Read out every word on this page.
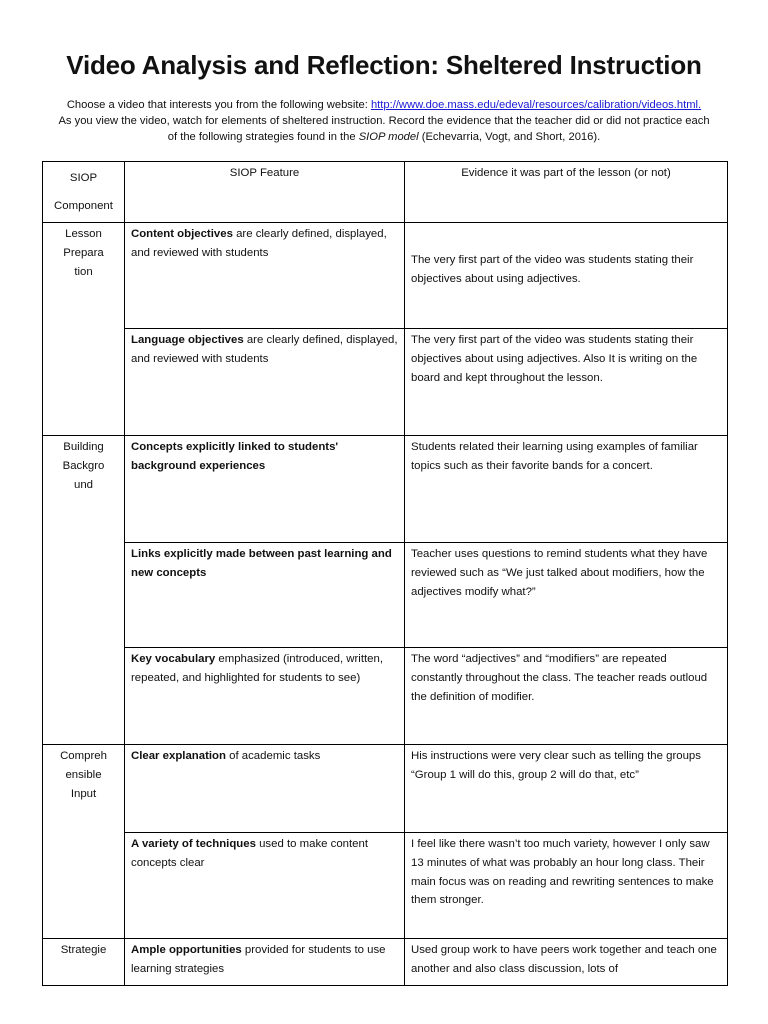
Video Analysis and Reflection: Sheltered Instruction
Choose a video that interests you from the following website: http://www.doe.mass.edu/edeval/resources/calibration/videos.html.
As you view the video, watch for elements of sheltered instruction. Record the evidence that the teacher did or did not practice each
of the following strategies found in the SIOP model (Echevarria, Vogt, and Short, 2016).
SIOP
Component	SIOP Feature	Evidence it was part of the lesson (or not)

Lesson
Prepara
tion	Content objectives are clearly defined, displayed, and reviewed with students	The very first part of the video was students stating their objectives about using adjectives.
	Language objectives are clearly defined, displayed, and reviewed with students	The very first part of the video was students stating their objectives about using adjectives. Also It is writing on the board and kept throughout the lesson.

Building
Backgro
und	Concepts explicitly linked to students' background experiences	Students related their learning using examples of familiar topics such as their favorite bands for a concert.
	Links explicitly made between past learning and new concepts	Teacher uses questions to remind students what they have reviewed such as “We just talked about modifiers, how the adjectives modify what?”
	Key vocabulary emphasized (introduced, written, repeated, and highlighted for students to see)	The word “adjectives” and “modifiers” are repeated constantly throughout the class. The teacher reads outloud the definition of modifier.

Compreh
ensible
Input	Clear explanation of academic tasks	His instructions were very clear such as telling the groups “Group 1 will do this, group 2 will do that, etc”
	A variety of techniques used to make content concepts clear	I feel like there wasn’t too much variety, however I only saw 13 minutes of what was probably an hour long class. Their main focus was on reading and rewriting sentences to make them stronger.

Strategie	Ample opportunities provided for students to use learning strategies	Used group work to have peers work together and teach one another and also class discussion, lots of
